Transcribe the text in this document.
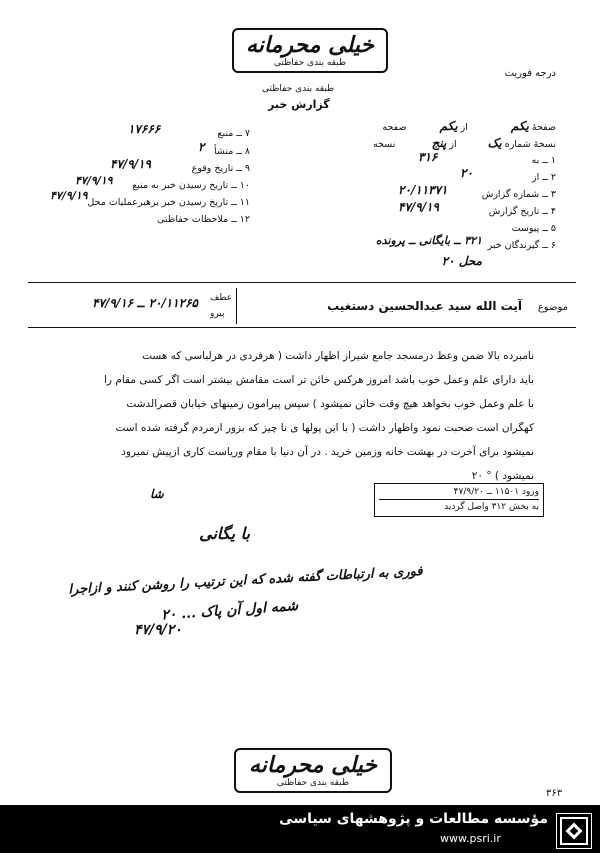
خیلی محرمانه
طبقه بندی حفاظتی
طبقه بندی حفاظتی
گزارش خبر
درجه فوریت
۷ ــ منبع
۱۷۶۶۶
۸ ــ منشأ
۲
۹ ــ تاریخ وقوع
۴۷/۹/۱۹
۱۰ ــ تاریخ رسیدن خبر به منبع
۴۷/۹/۱۹
۱۱ ــ تاریخ رسیدن خبر برهبرعملیات محل
۴۷/۹/۱۹
۱۲ ــ ملاحظات حفاظتی
صفحهٔ یکم از یکم صفحه
نسخهٔ شماره یک از پنج نسخه
۱ ــ به
۳۱۶
۲ ــ از
۲۰
۳ ــ شماره گزارش
۲۰/۱۱۳۷۱
۴ ــ تاریخ گزارش
۴۷/۹/۱۹
۵ ــ پیوست
۶ ــ گیرندگان خبر
۳۲۱ ــ بایگانی ــ پرونده
محل ۲۰
عطف
پیرو
۲۰/۱۱۲۶۵ ــ ۴۷/۹/۱۶	موضوع
آیت الله سید عبدالحسین دستغیب
نامبرده بالا ضمن وعظ درمسجد جامع شیراز اظهار داشت ( هرفردی در هرلباسی که هست
باید دارای علم وعمل خوب باشد امروز هرکس خائن تر است مقامش بیشتر است اگر کسی مقام را
با علم وعمل خوب بخواهد هیچ وقت خائن نمیشود ) سپس پیرامون زمینهای خیابان قصرالدشت
کهگران است صحبت نمود واظهار داشت ( با این پولها ی نا چیز که بزور ازمردم گرفته شده است
نمیشود برای آخرت در بهشت خانه وزمین خرید . در آن دنیا با مقام وریاست کاری ازپیش نمیرود
نمیشود ) ° ۲۰
شا	ورود ۱۱۵۰۱ ــ ۴۷/۹/۲۰
به بخش ۳۱۲ واصل گردید
با یگانی
فوری به ارتباطات گفته شده که این ترتیب را روشن کنند و ازاجرا
شمه اول آن پاک ... ۲۰
۴۷/۹/۲۰
خیلی محرمانه
طبقه بندی حفاظتی
۳۶۳
مؤسسه مطالعات و پژوهشهای سیاسی
www.psri.ir
